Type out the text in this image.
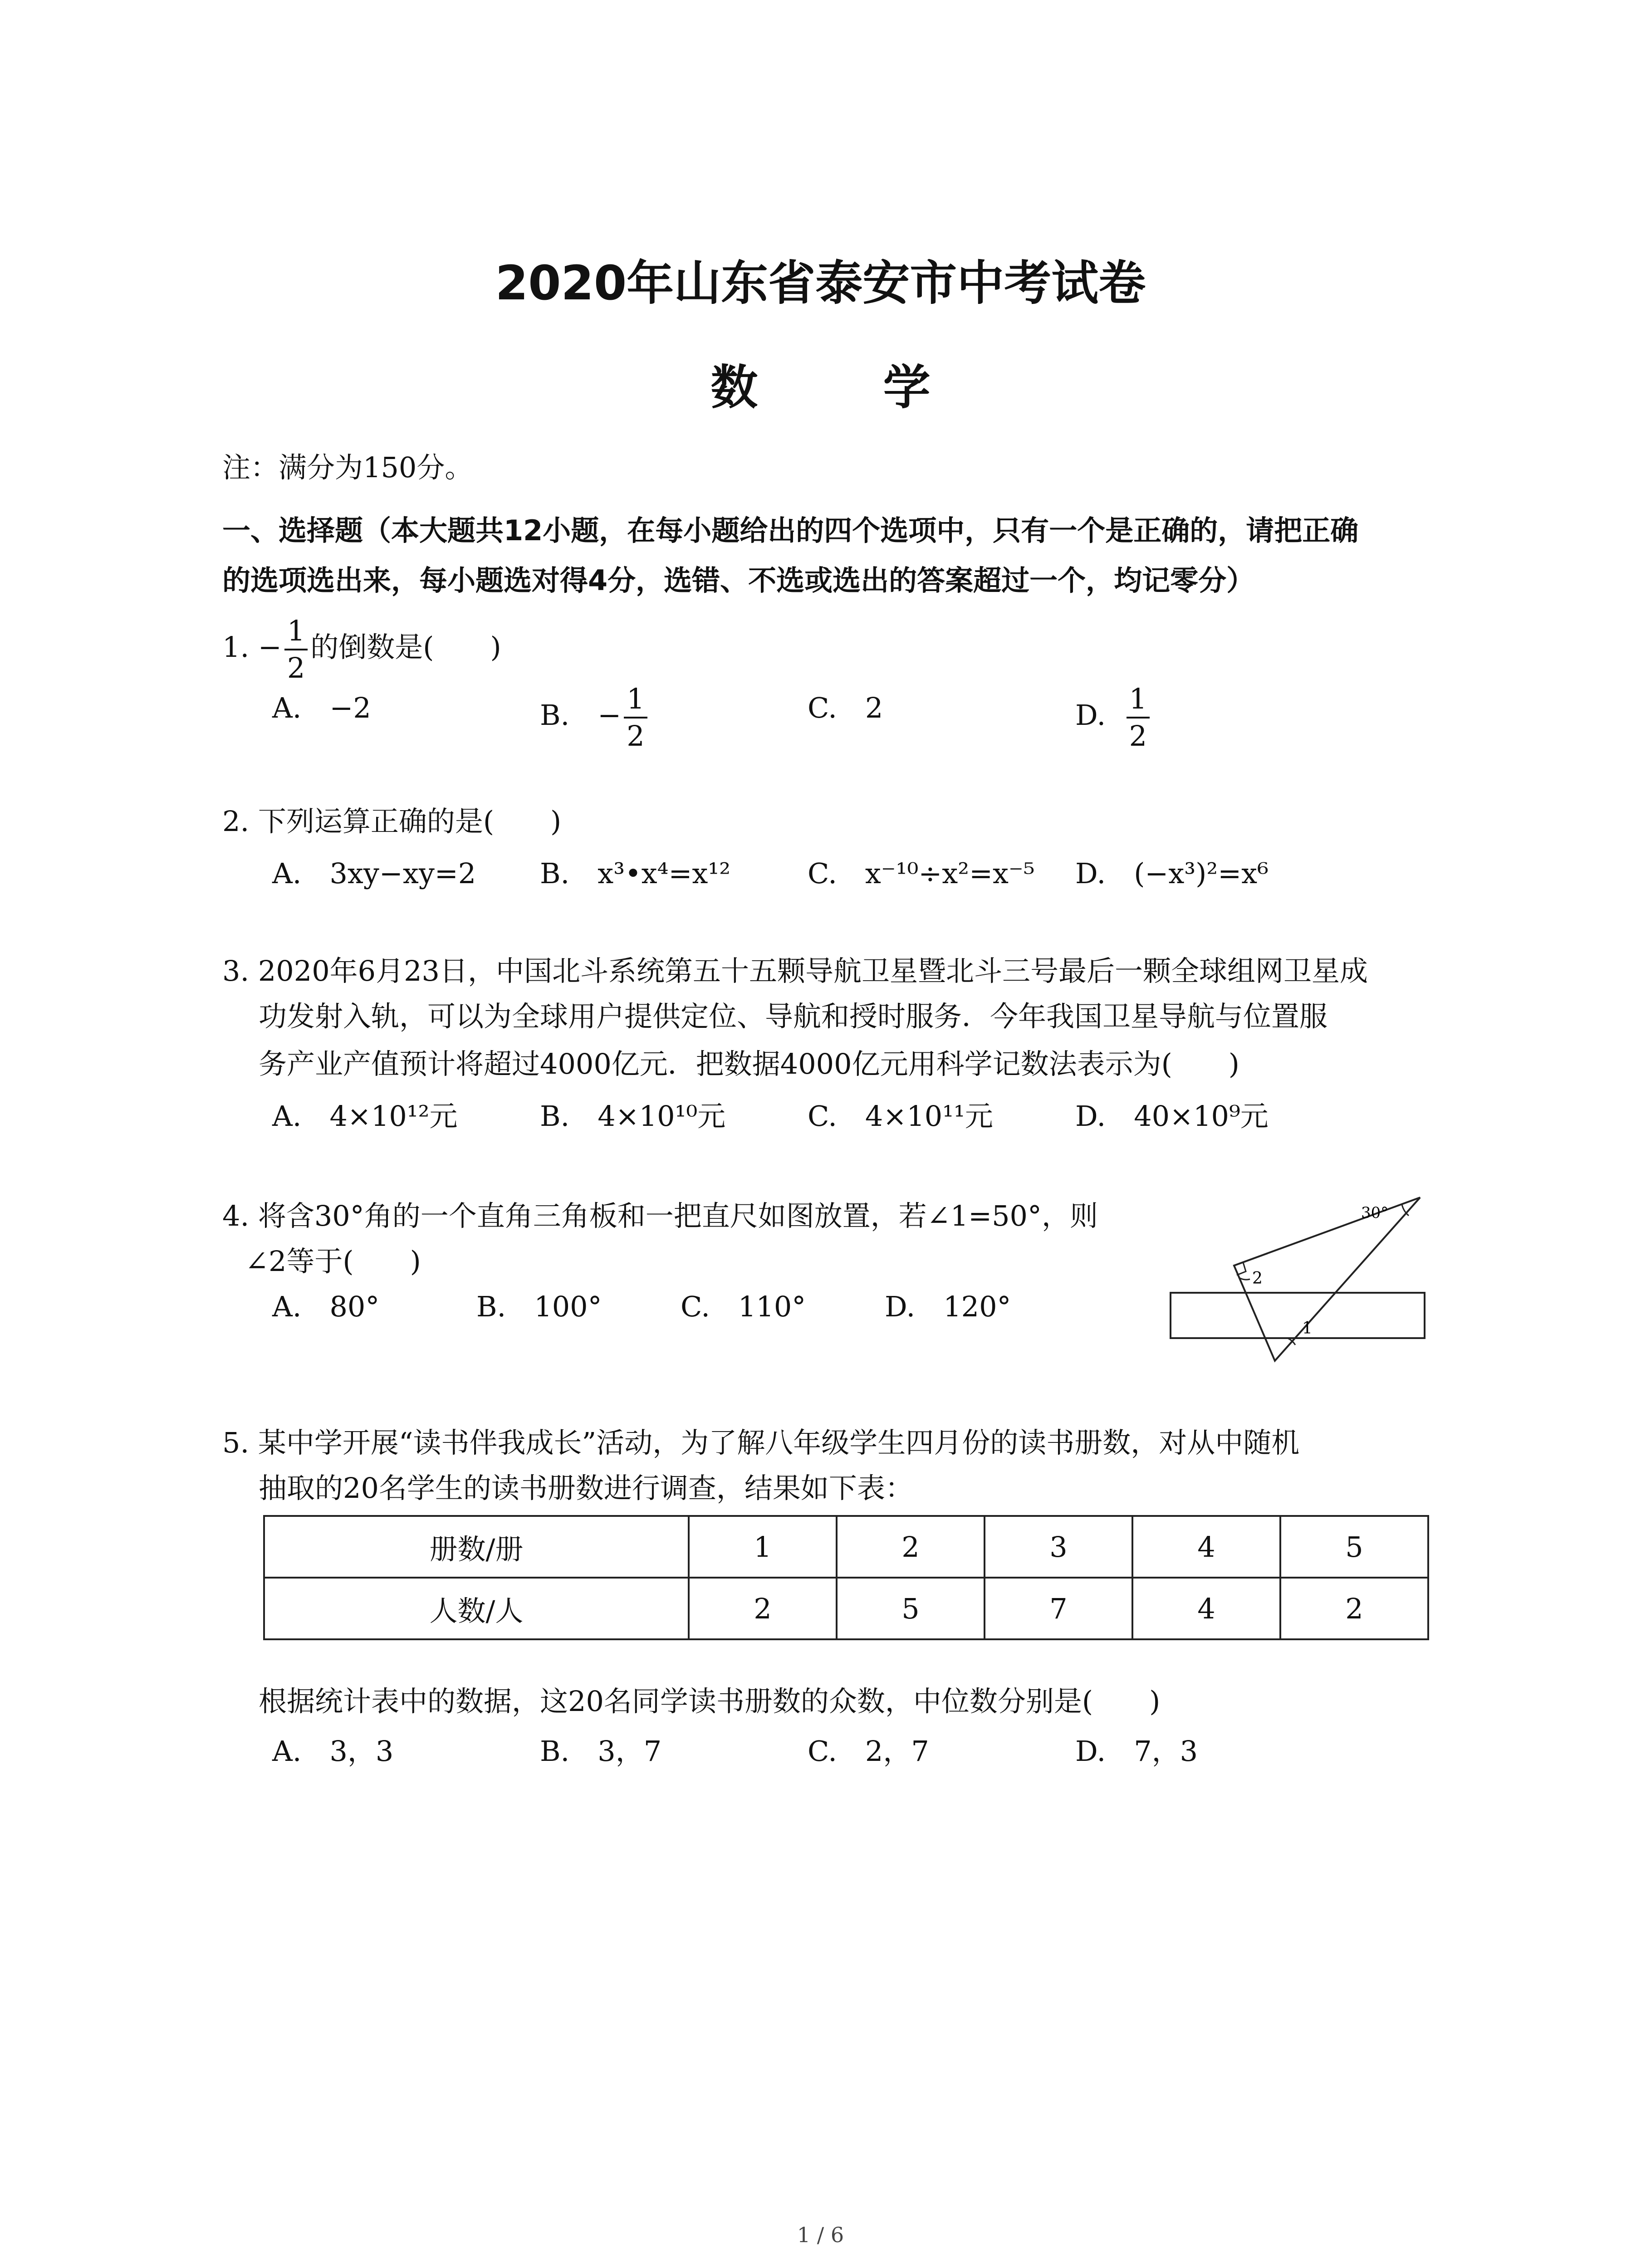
2020年山东省泰安市中考试卷
数 学
注：满分为150分。
一、选择题（本大题共12小题，在每小题给出的四个选项中，只有一个是正确的，请把正确
的选项选出来，每小题选对得4分，选错、不选或选出的答案超过一个，均记零分）
1. − $\frac{1}{2}$ 的倒数是(　　)
A.　−2	B.　− $\frac{1}{2}$	C.　2	D. $\frac{1}{2}$
2. 下列运算正确的是(　　)
A.　3xy−xy=2 B.　x³•x⁴=x¹²	C.　x⁻¹⁰÷x²=x⁻⁵ D.　(−x³)²=x⁶
3. 2020年6月23日，中国北斗系统第五十五颗导航卫星暨北斗三号最后一颗全球组网卫星成
功发射入轨，可以为全球用户提供定位、导航和授时服务．今年我国卫星导航与位置服
务产业产值预计将超过4000亿元．把数据4000亿元用科学记数法表示为(　　)
A.　4×10¹²元	B.　4×10¹⁰元	C.　4×10¹¹元	D.　40×10⁹元
4. 将含30°角的一个直角三角板和一把直尺如图放置，若∠1=50°，则
∠2等于(　　)
A.　80°	B.　100°	C.　110°	D.　120°
30°
2
1
5. 某中学开展“读书伴我成长”活动，为了解八年级学生四月份的读书册数，对从中随机
抽取的20名学生的读书册数进行调查，结果如下表：
册数/册	1	2	3	4	5
人数/人	2	5	7	4	2
根据统计表中的数据，这20名同学读书册数的众数，中位数分别是(　　)
A.　3，3	B.　3，7	C.　2，7	D.　7，3
1 / 6
